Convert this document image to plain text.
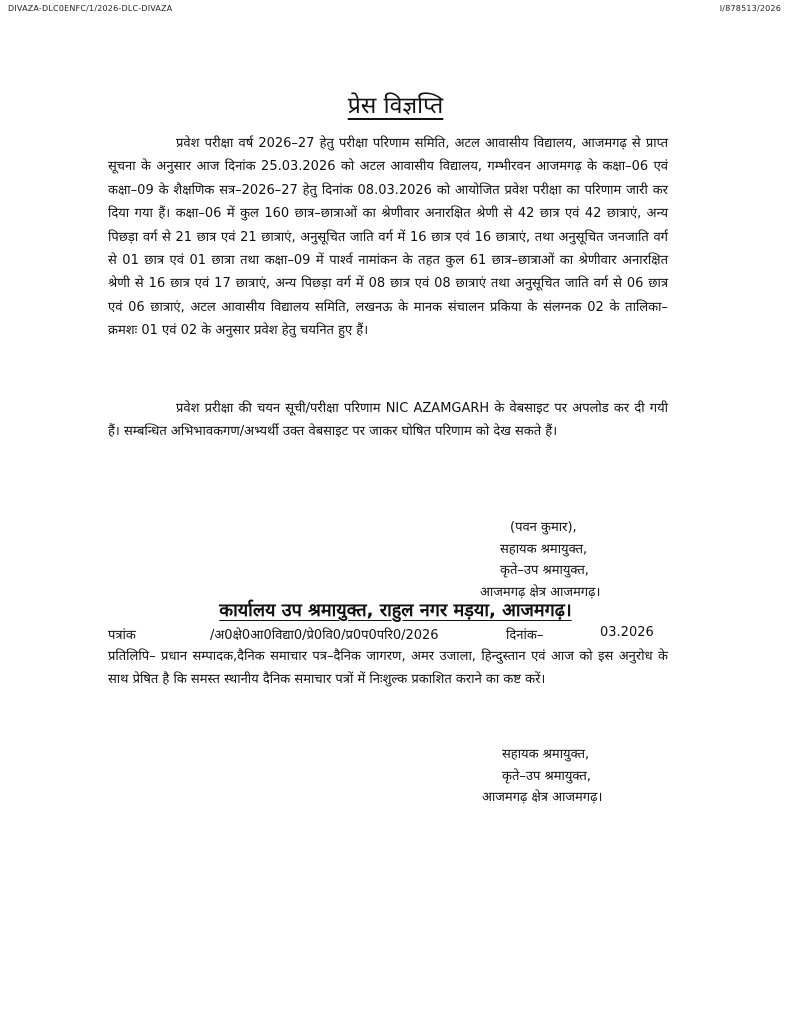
DIVAZA-DLC0ENFC/1/2026-DLC-DIVAZA	I/878513/2026
प्रेस विज्ञप्ति

प्रवेश परीक्षा वर्ष 2026–27 हेतु परीक्षा परिणाम समिति, अटल आवासीय विद्यालय, आजमगढ़ से प्राप्त सूचना के अनुसार आज दिनांक 25.03.2026 को अटल आवासीय विद्यालय, गम्भीरवन आजमगढ़ के कक्षा–06 एवं कक्षा–09 के शैक्षणिक सत्र–2026–27 हेतु दिनांक 08.03.2026 को आयोजित प्रवेश परीक्षा का परिणाम जारी कर दिया गया हैं। कक्षा–06 में कुल 160 छात्र–छात्राओं का श्रेणीवार अनारक्षित श्रेणी से 42 छात्र एवं 42 छात्राएं, अन्य पिछड़ा वर्ग से 21 छात्र एवं 21 छात्राएं, अनुसूचित जाति वर्ग में 16 छात्र एवं 16 छात्राएं, तथा अनुसूचित जनजाति वर्ग से 01 छात्र एवं 01 छात्रा तथा कक्षा–09 में पार्श्व नामांकन के तहत कुल 61 छात्र–छात्राओं का श्रेणीवार अनारक्षित श्रेणी से 16 छात्र एवं 17 छात्राएं, अन्य पिछड़ा वर्ग में 08 छात्र एवं 08 छात्राएं तथा अनुसूचित जाति वर्ग से 06 छात्र एवं 06 छात्राएं, अटल आवासीय विद्यालय समिति, लखनऊ के मानक संचालन प्रकिया के संलग्नक 02 के तालिका– क्रमशः 01 एवं 02 के अनुसार प्रवेश हेतु चयनित हुए हैं।

प्रवेश प्ररीक्षा की चयन सूची/परीक्षा परिणाम NIC AZAMGARH के वेबसाइट पर अपलोड कर दी गयी हैं। सम्बन्धित अभिभावकगण/अभ्यर्थी उक्त वेबसाइट पर जाकर घोषित परिणाम को देख सकते हैं।

(पवन कुमार),
सहायक श्रमायुक्त,
कृते–उप श्रमायुक्त,
आजमगढ़ क्षेत्र आजमगढ़।
कार्यालय उप श्रमायुक्त, राहुल नगर मड़या, आजमगढ़।
पत्रांक	/अ0क्षे0आ0विद्या0/प्रे0वि0/प्र0प0परि0/2026	दिनांक–	03.2026

प्रतिलिपि– प्रधान सम्पादक,दैनिक समाचार पत्र–दैनिक जागरण, अमर उजाला, हिन्दुस्तान एवं आज को इस अनुरोध के साथ प्रेषित है कि समस्त स्थानीय दैनिक समाचार पत्रों में निःशुल्क प्रकाशित कराने का कष्ट करें।

सहायक श्रमायुक्त,
कृते–उप श्रमायुक्त,
आजमगढ़ क्षेत्र आजमगढ़।
